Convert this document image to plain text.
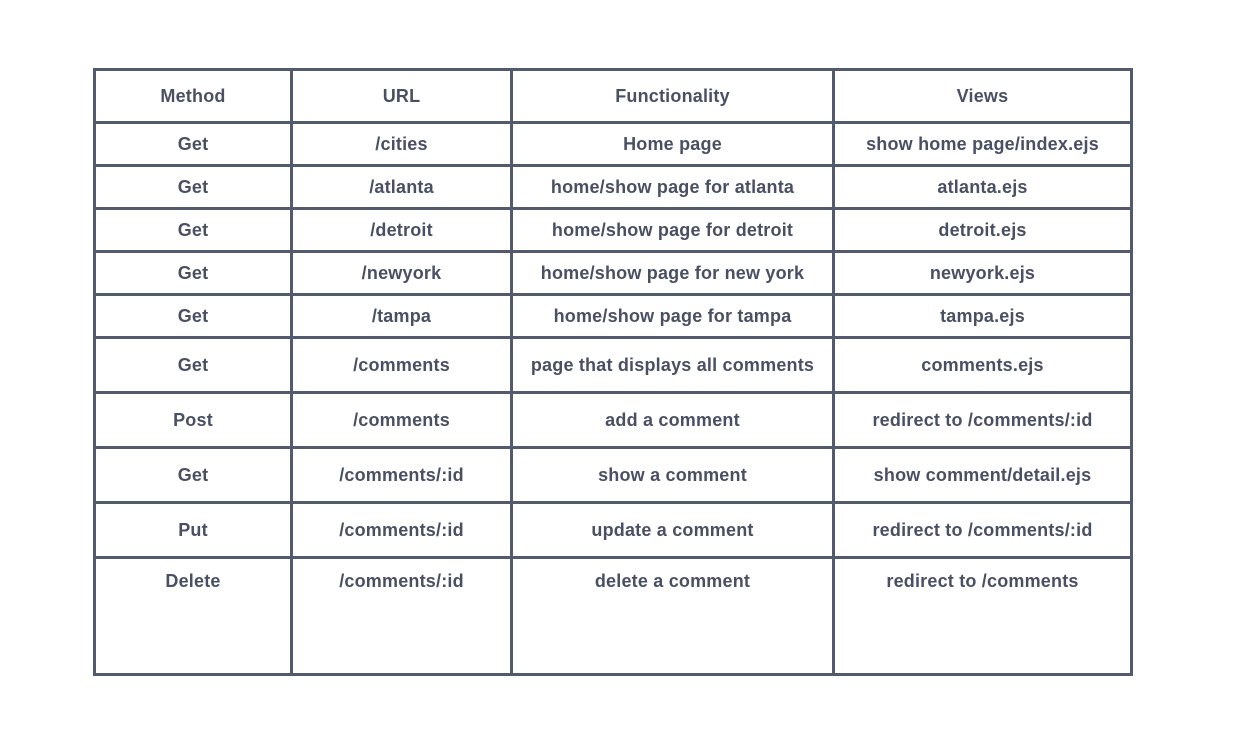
Method	URL	Functionality	Views
Get	/cities	Home page	show home page/index.ejs
Get	/atlanta	home/show page for atlanta	atlanta.ejs
Get	/detroit	home/show page for detroit	detroit.ejs
Get	/newyork	home/show page for new york	newyork.ejs
Get	/tampa	home/show page for tampa	tampa.ejs
Get	/comments	page that displays all comments	comments.ejs
Post	/comments	add a comment	redirect to /comments/:id
Get	/comments/:id	show a comment	show comment/detail.ejs
Put	/comments/:id	update a comment	redirect to /comments/:id
Delete	/comments/:id	delete a comment	redirect to /comments
